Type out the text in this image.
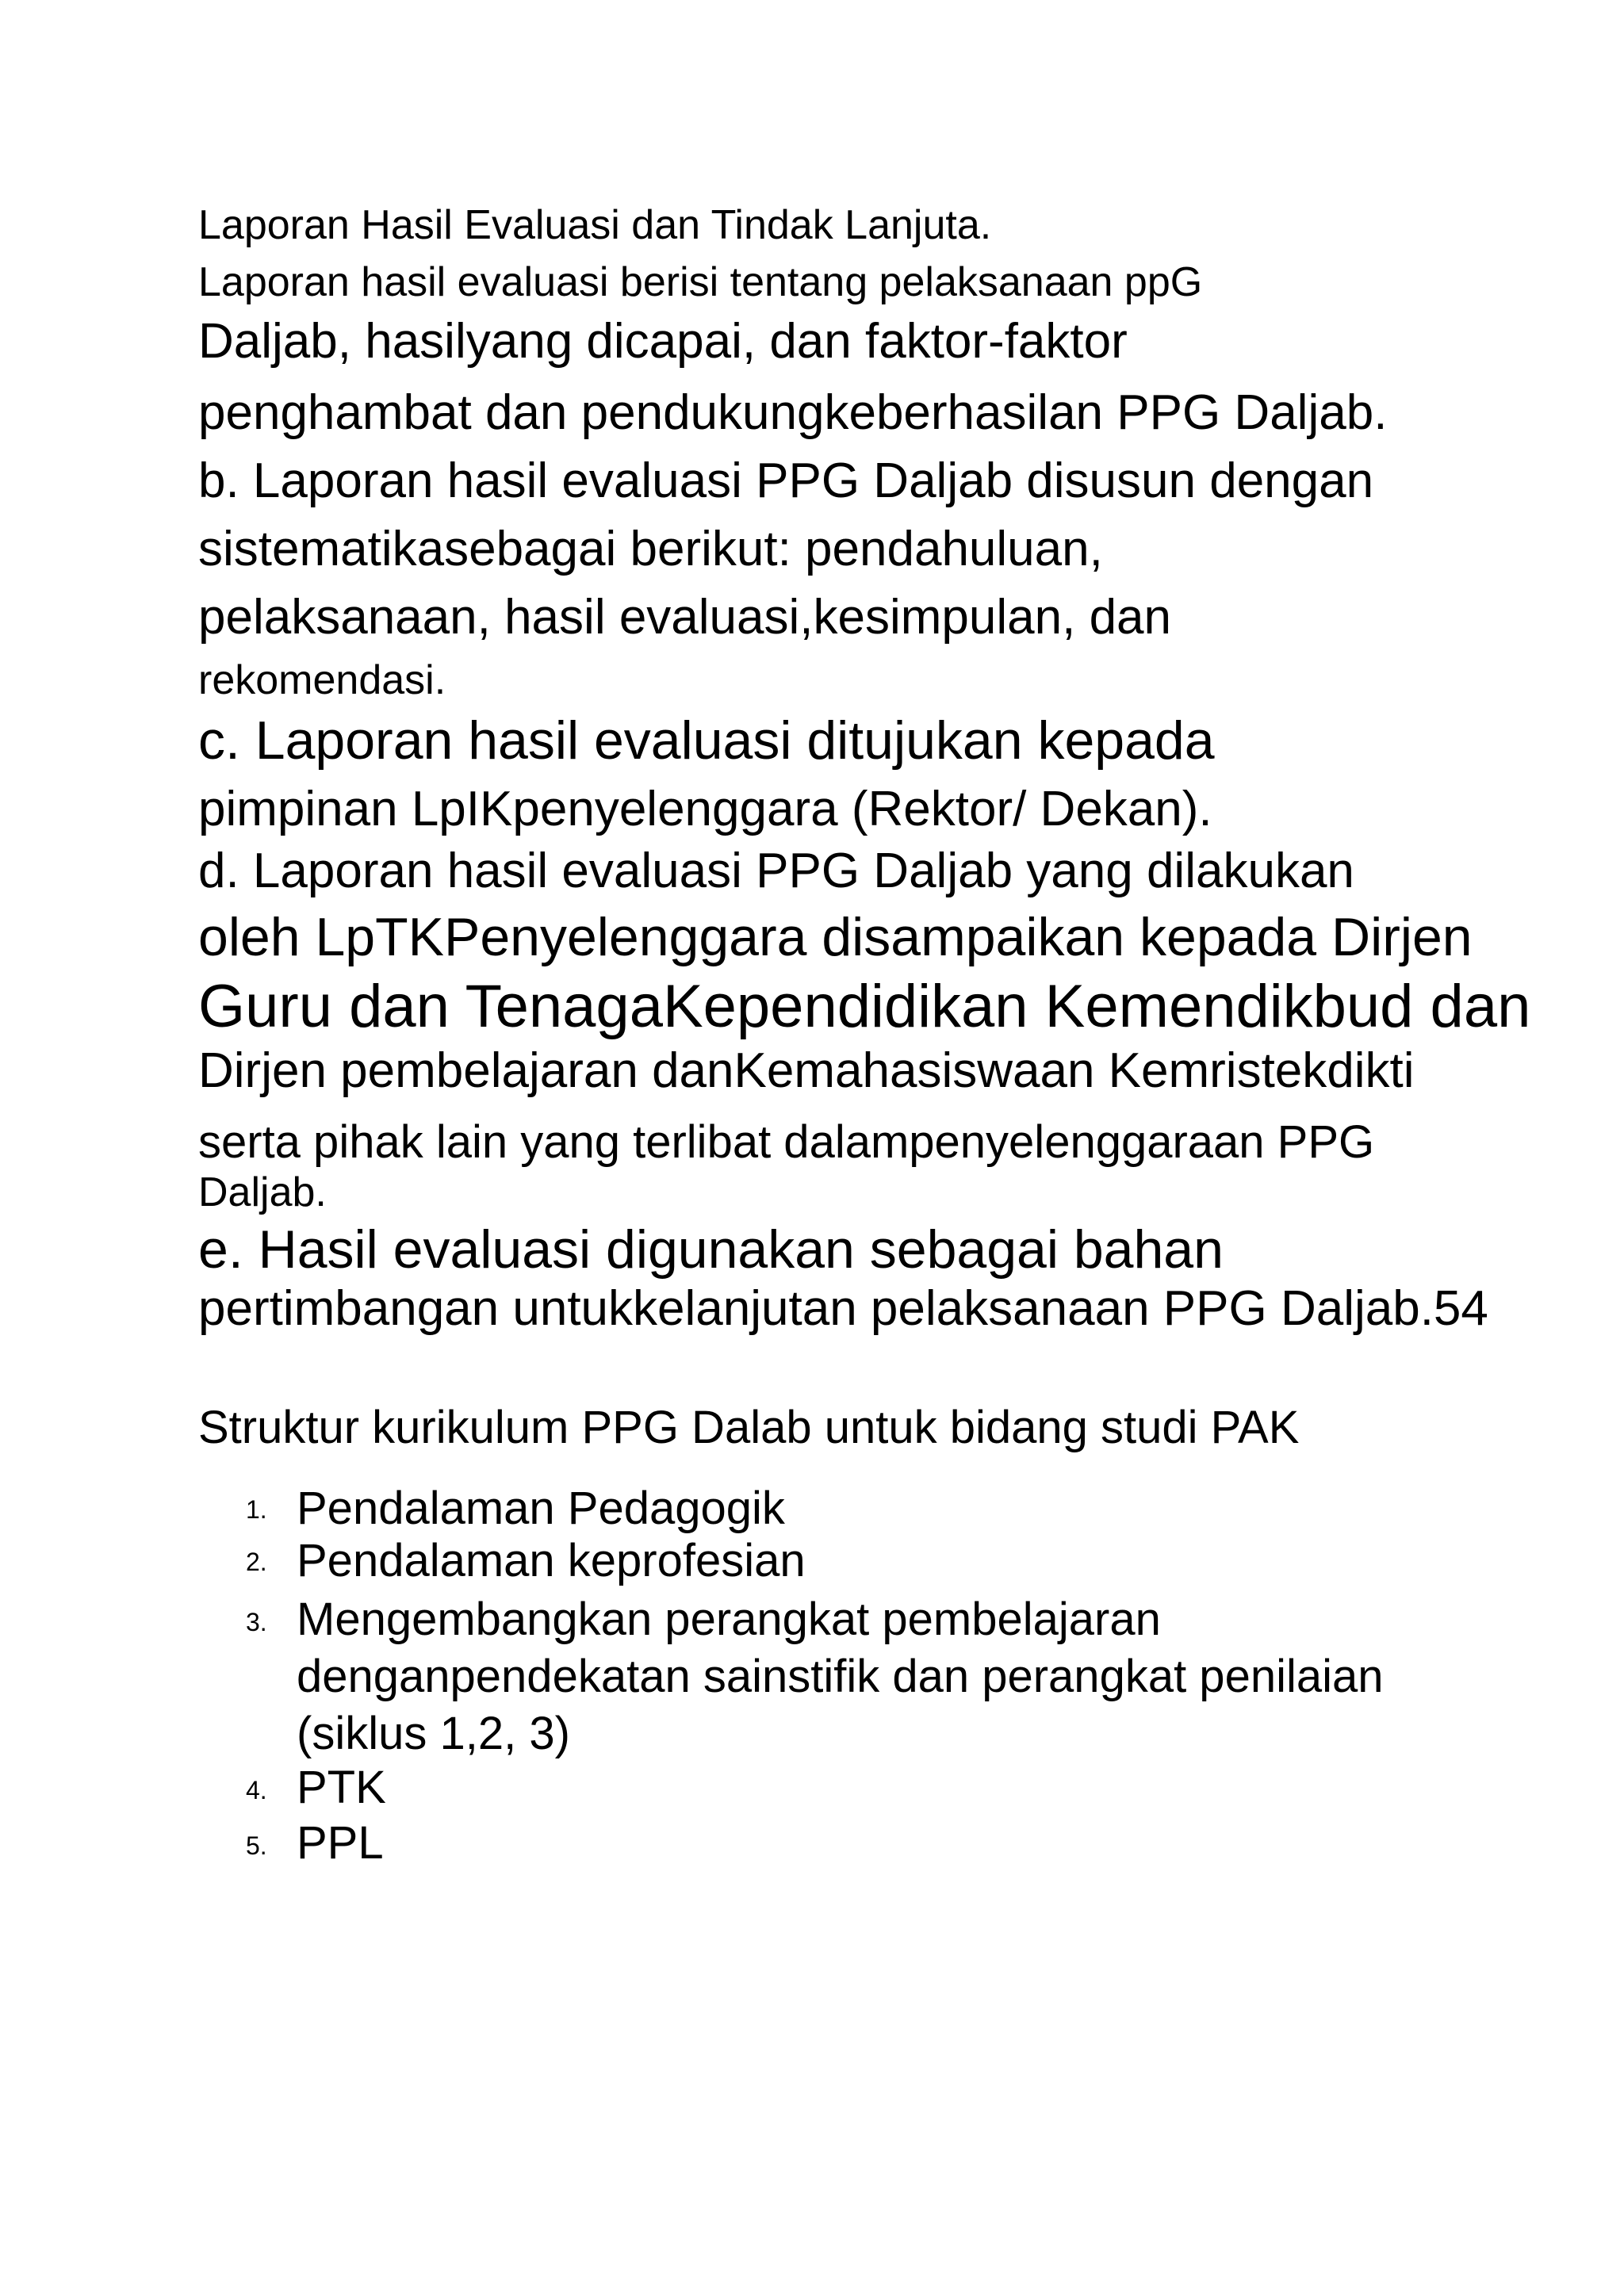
Laporan Hasil Evaluasi dan Tindak Lanjuta.
Laporan hasil evaluasi berisi tentang pelaksanaan ppG
Daljab, hasilyang dicapai, dan faktor-faktor
penghambat dan pendukungkeberhasilan PPG Daljab.
b. Laporan hasil evaluasi PPG Daljab disusun dengan
sistematikasebagai berikut: pendahuluan,
pelaksanaan, hasil evaluasi,kesimpulan, dan
rekomendasi.
c. Laporan hasil evaluasi ditujukan kepada
pimpinan LpIKpenyelenggara (Rektor/ Dekan).
d. Laporan hasil evaluasi PPG Daljab yang dilakukan
oleh LpTKPenyelenggara disampaikan kepada Dirjen
Guru dan TenagaKependidikan Kemendikbud dan
Dirjen pembelajaran danKemahasiswaan Kemristekdikti
serta pihak lain yang terlibat dalampenyelenggaraan PPG
Daljab.
e. Hasil evaluasi digunakan sebagai bahan
pertimbangan untukkelanjutan pelaksanaan PPG Daljab.54
Struktur kurikulum PPG Dalab untuk bidang studi PAK
1. Pendalaman Pedagogik
2. Pendalaman keprofesian
3. Mengembangkan perangkat pembelajaran
denganpendekatan sainstifik dan perangkat penilaian
(siklus 1,2, 3)
4. PTK
5. PPL
